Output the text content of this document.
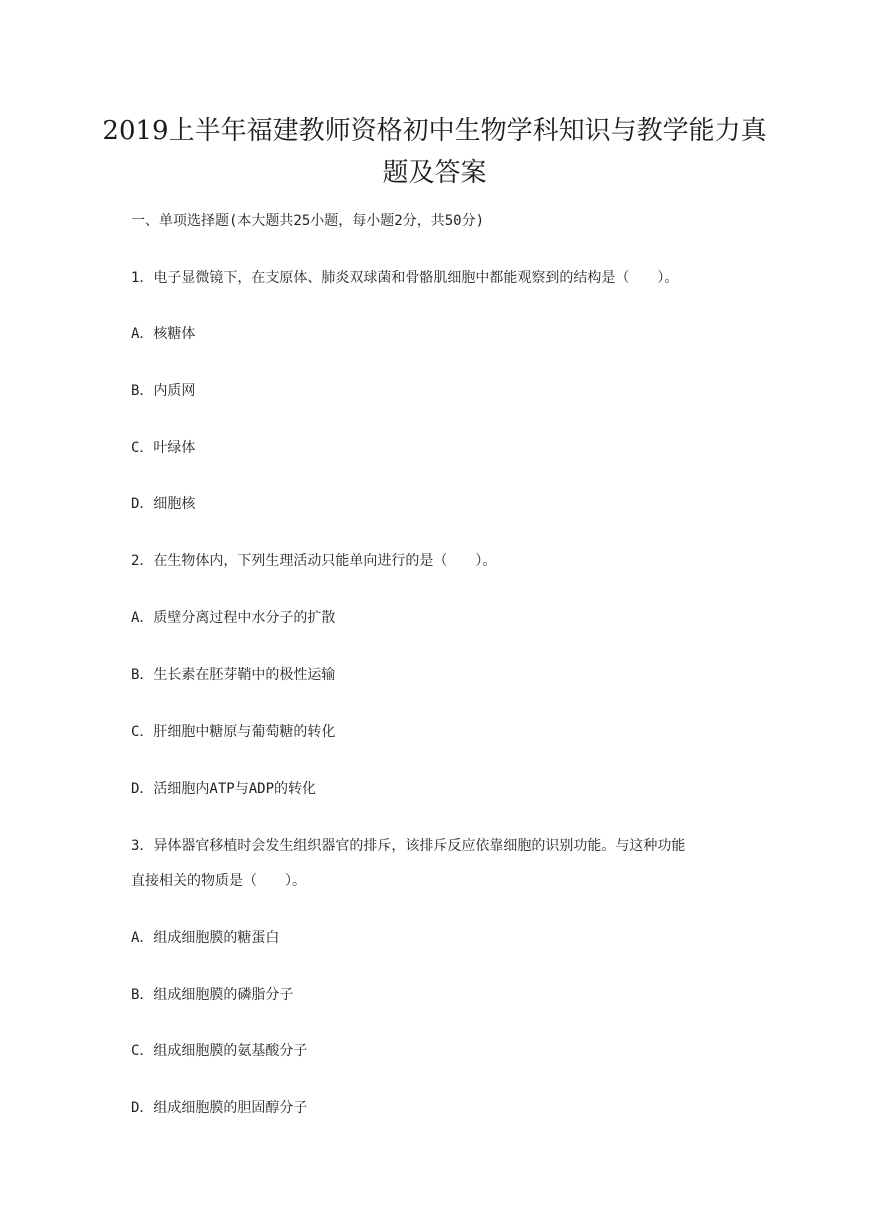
2019上半年福建教师资格初中生物学科知识与教学能力真
题及答案
一、单项选择题(本大题共25小题，每小题2分，共50分)
1．电子显微镜下，在支原体、肺炎双球菌和骨骼肌细胞中都能观察到的结构是（　　）。
A．核糖体
B．内质网
C．叶绿体
D．细胞核
2．在生物体内，下列生理活动只能单向进行的是（　　）。
A．质壁分离过程中水分子的扩散
B．生长素在胚芽鞘中的极性运输
C．肝细胞中糖原与葡萄糖的转化
D．活细胞内ATP与ADP的转化
3．异体器官移植时会发生组织器官的排斥，该排斥反应依靠细胞的识别功能。与这种功能
直接相关的物质是（　　）。
A．组成细胞膜的糖蛋白
B．组成细胞膜的磷脂分子
C．组成细胞膜的氨基酸分子
D．组成细胞膜的胆固醇分子
